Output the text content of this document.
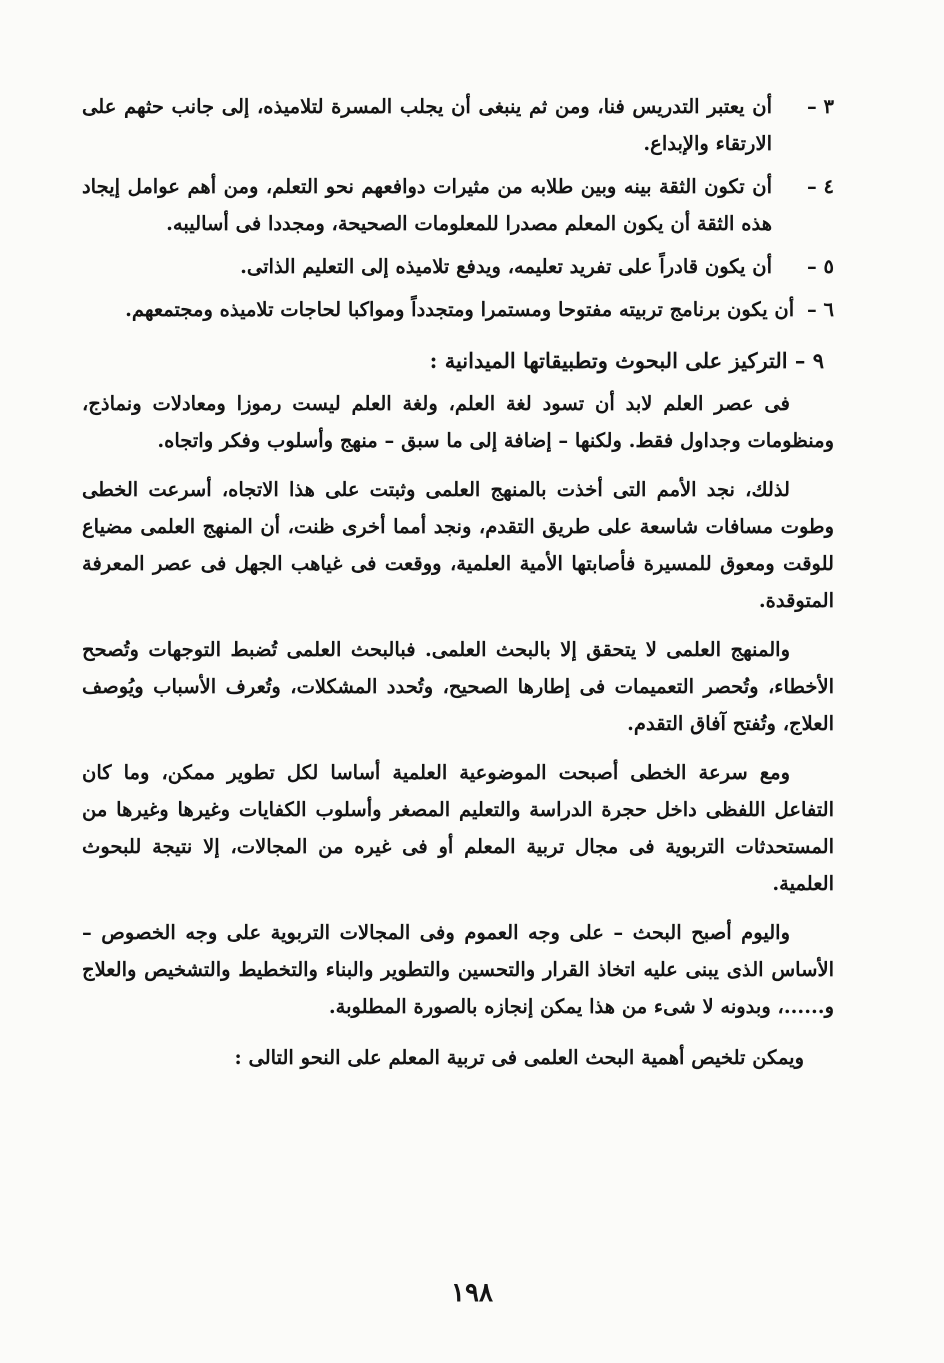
٣ –
أن يعتبر التدريس فنا، ومن ثم ينبغى أن يجلب المسرة لتلاميذه، إلى جانب حثهم على الارتقاء والإبداع.
٤ –
أن تكون الثقة بينه وبين طلابه من مثيرات دوافعهم نحو التعلم، ومن أهم عوامل إيجاد هذه الثقة أن يكون المعلم مصدرا للمعلومات الصحيحة، ومجددا فى أساليبه.
٥ –
أن يكون قادراً على تفريد تعليمه، ويدفع تلاميذه إلى التعليم الذاتى.
٦ – أن يكون برنامج تربيته مفتوحا ومستمرا ومتجدداً ومواكبا لحاجات تلاميذه ومجتمعهم.
٩ – التركيز على البحوث وتطبيقاتها الميدانية :

فى عصر العلم لابد أن تسود لغة العلم، ولغة العلم ليست رموزا ومعادلات ونماذج، ومنظومات وجداول فقط. ولكنها – إضافة إلى ما سبق – منهج وأسلوب وفكر واتجاه.

لذلك، نجد الأمم التى أخذت بالمنهج العلمى وثبتت على هذا الاتجاه، أسرعت الخطى وطوت مسافات شاسعة على طريق التقدم، ونجد أمما أخرى ظنت، أن المنهج العلمى مضياع للوقت ومعوق للمسيرة فأصابتها الأمية العلمية، ووقعت فى غياهب الجهل فى عصر المعرفة المتوقدة.

والمنهج العلمى لا يتحقق إلا بالبحث العلمى. فبالبحث العلمى تُضبط التوجهات وتُصحح الأخطاء، وتُحصر التعميمات فى إطارها الصحيح، وتُحدد المشكلات، وتُعرف الأسباب ويُوصف العلاج، وتُفتح آفاق التقدم.

ومع سرعة الخطى أصبحت الموضوعية العلمية أساسا لكل تطوير ممكن، وما كان التفاعل اللفظى داخل حجرة الدراسة والتعليم المصغر وأسلوب الكفايات وغيرها وغيرها من المستحدثات التربوية فى مجال تربية المعلم أو فى غيره من المجالات، إلا نتيجة للبحوث العلمية.

واليوم أصبح البحث – على وجه العموم وفى المجالات التربوية على وجه الخصوص – الأساس الذى يبنى عليه اتخاذ القرار والتحسين والتطوير والبناء والتخطيط والتشخيص والعلاج و......، وبدونه لا شىء من هذا يمكن إنجازه بالصورة المطلوبة.

ويمكن تلخيص أهمية البحث العلمى فى تربية المعلم على النحو التالى :

١٩٨
